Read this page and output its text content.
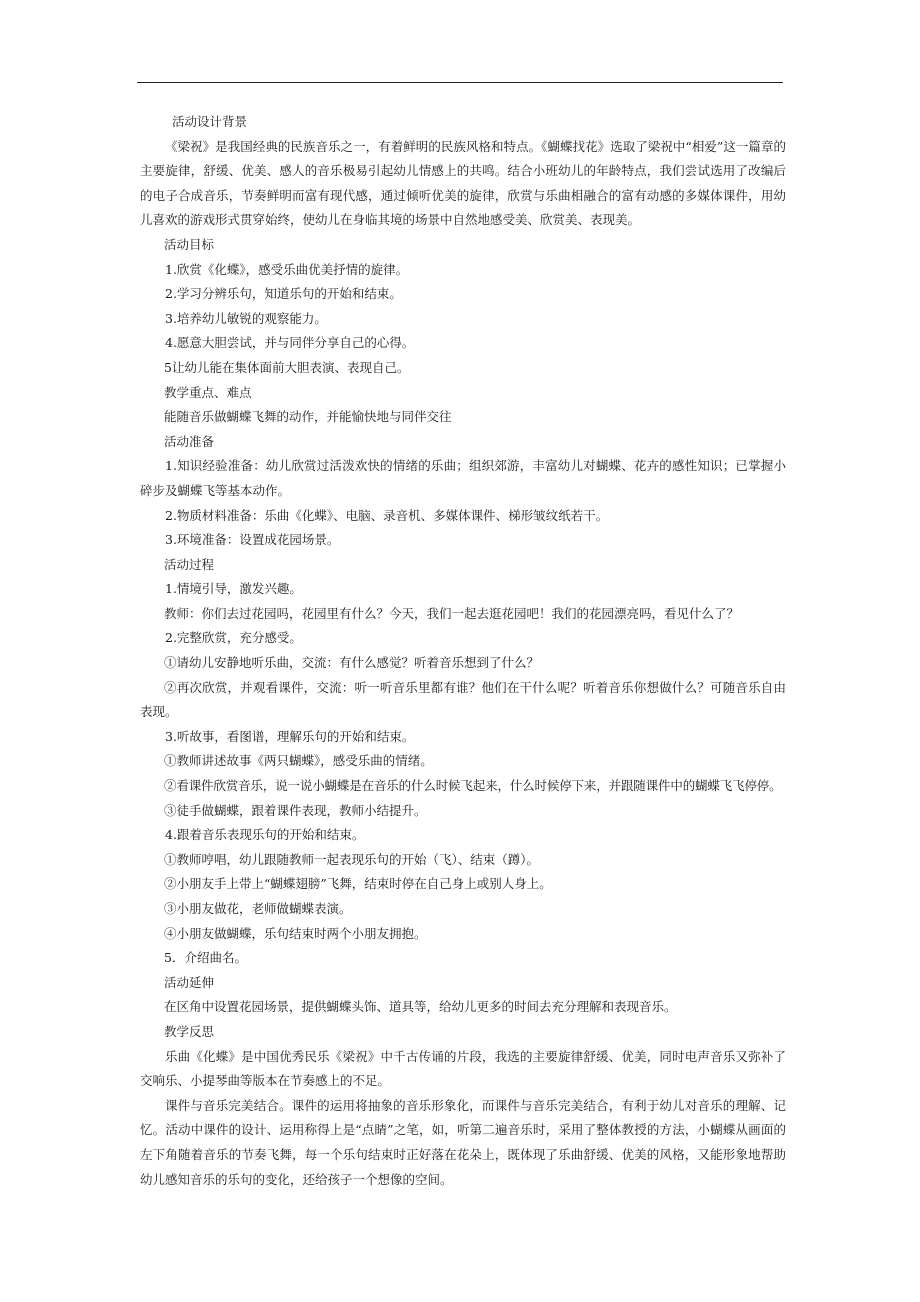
活动设计背景

《梁祝》是我国经典的民族音乐之一，有着鲜明的民族风格和特点。《蝴蝶找花》选取了梁祝中“相爱”这一篇章的主要旋律，舒缓、优美、感人的音乐极易引起幼儿情感上的共鸣。结合小班幼儿的年龄特点，我们尝试选用了改编后的电子合成音乐，节奏鲜明而富有现代感，通过倾听优美的旋律，欣赏与乐曲相融合的富有动感的多媒体课件，用幼儿喜欢的游戏形式贯穿始终，使幼儿在身临其境的场景中自然地感受美、欣赏美、表现美。

活动目标

1.欣赏《化蝶》，感受乐曲优美抒情的旋律。

2.学习分辨乐句，知道乐句的开始和结束。

3.培养幼儿敏锐的观察能力。

4.愿意大胆尝试，并与同伴分享自己的心得。

5让幼儿能在集体面前大胆表演、表现自己。

教学重点、难点

能随音乐做蝴蝶飞舞的动作，并能愉快地与同伴交往

活动准备

1.知识经验准备：幼儿欣赏过活泼欢快的情绪的乐曲；组织郊游，丰富幼儿对蝴蝶、花卉的感性知识；已掌握小碎步及蝴蝶飞等基本动作。

2.物质材料准备：乐曲《化蝶》、电脑、录音机、多媒体课件、梯形皱纹纸若干。

3.环境准备：设置成花园场景。

活动过程

1.情境引导，激发兴趣。

教师：你们去过花园吗，花园里有什么？今天，我们一起去逛花园吧！我们的花园漂亮吗，看见什么了？

2.完整欣赏，充分感受。

①请幼儿安静地听乐曲，交流：有什么感觉？听着音乐想到了什么？

②再次欣赏，并观看课件，交流：听一听音乐里都有谁？他们在干什么呢？听着音乐你想做什么？可随音乐自由表现。

3.听故事，看图谱，理解乐句的开始和结束。

①教师讲述故事《两只蝴蝶》，感受乐曲的情绪。

②看课件欣赏音乐，说一说小蝴蝶是在音乐的什么时候飞起来，什么时候停下来，并跟随课件中的蝴蝶飞飞停停。

③徒手做蝴蝶，跟着课件表现，教师小结提升。

4.跟着音乐表现乐句的开始和结束。

①教师哼唱，幼儿跟随教师一起表现乐句的开始（飞）、结束（蹲）。

②小朋友手上带上“蝴蝶翅膀”飞舞，结束时停在自己身上或别人身上。

③小朋友做花，老师做蝴蝶表演。

④小朋友做蝴蝶，乐句结束时两个小朋友拥抱。

5．介绍曲名。

活动延伸

在区角中设置花园场景，提供蝴蝶头饰、道具等，给幼儿更多的时间去充分理解和表现音乐。

教学反思

乐曲《化蝶》是中国优秀民乐《梁祝》中千古传诵的片段，我选的主要旋律舒缓、优美，同时电声音乐又弥补了交响乐、小提琴曲等版本在节奏感上的不足。

课件与音乐完美结合。课件的运用将抽象的音乐形象化，而课件与音乐完美结合，有利于幼儿对音乐的理解、记忆。活动中课件的设计、运用称得上是“点睛”之笔，如，听第二遍音乐时，采用了整体教授的方法，小蝴蝶从画面的左下角随着音乐的节奏飞舞，每一个乐句结束时正好落在花朵上，既体现了乐曲舒缓、优美的风格，又能形象地帮助幼儿感知音乐的乐句的变化，还给孩子一个想像的空间。
